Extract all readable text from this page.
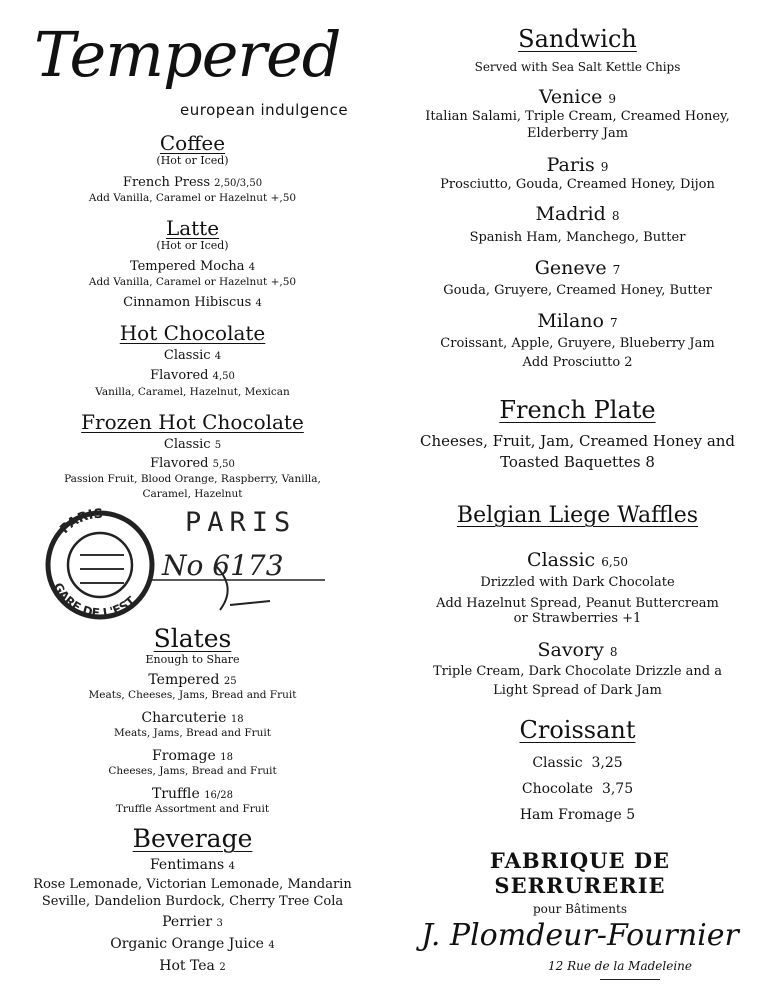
Tempered
european indulgence
Coffee
(Hot or Iced)
French Press 2,50/3,50
Add Vanilla, Caramel or Hazelnut +,50
Latte
(Hot or Iced)
Tempered Mocha 4
Add Vanilla, Caramel or Hazelnut +,50
Cinnamon Hibiscus 4
Hot Chocolate
Classic 4
Flavored 4,50
Vanilla, Caramel, Hazelnut, Mexican
Frozen Hot Chocolate
Classic 5
Flavored 5,50
Passion Fruit, Blood Orange, Raspberry, Vanilla,
Caramel, Hazelnut
Slates
Enough to Share
Tempered 25
Meats, Cheeses, Jams, Bread and Fruit
Charcuterie 18
Meats, Jams, Bread and Fruit
Fromage 18
Cheeses, Jams, Bread and Fruit
Truffle 16/28
Truffle Assortment and Fruit
Beverage
Fentimans 4
Rose Lemonade, Victorian Lemonade, Mandarin
Seville, Dandelion Burdock, Cherry Tree Cola
Perrier 3
Organic Orange Juice 4
Hot Tea 2
PARIS
GARE DE L'EST
PARIS
No 6173
Sandwich
Served with Sea Salt Kettle Chips
Venice 9
Italian Salami, Triple Cream, Creamed Honey,
Elderberry Jam
Paris 9
Prosciutto, Gouda, Creamed Honey, Dijon
Madrid 8
Spanish Ham, Manchego, Butter
Geneve 7
Gouda, Gruyere, Creamed Honey, Butter
Milano 7
Croissant, Apple, Gruyere, Blueberry Jam
Add Prosciutto 2
French Plate
Cheeses, Fruit, Jam, Creamed Honey and
Toasted Baquettes 8
Belgian Liege Waffles
Classic 6,50
Drizzled with Dark Chocolate
Add Hazelnut Spread, Peanut Buttercream
or Strawberries +1
Savory 8
Triple Cream, Dark Chocolate Drizzle and a
Light Spread of Dark Jam
Croissant
Classic 3,25
Chocolate 3,75
Ham Fromage 5
FABRIQUE DE SERRURERIE
pour Bâtiments
J. Plomdeur-Fournier
12 Rue de la Madeleine
